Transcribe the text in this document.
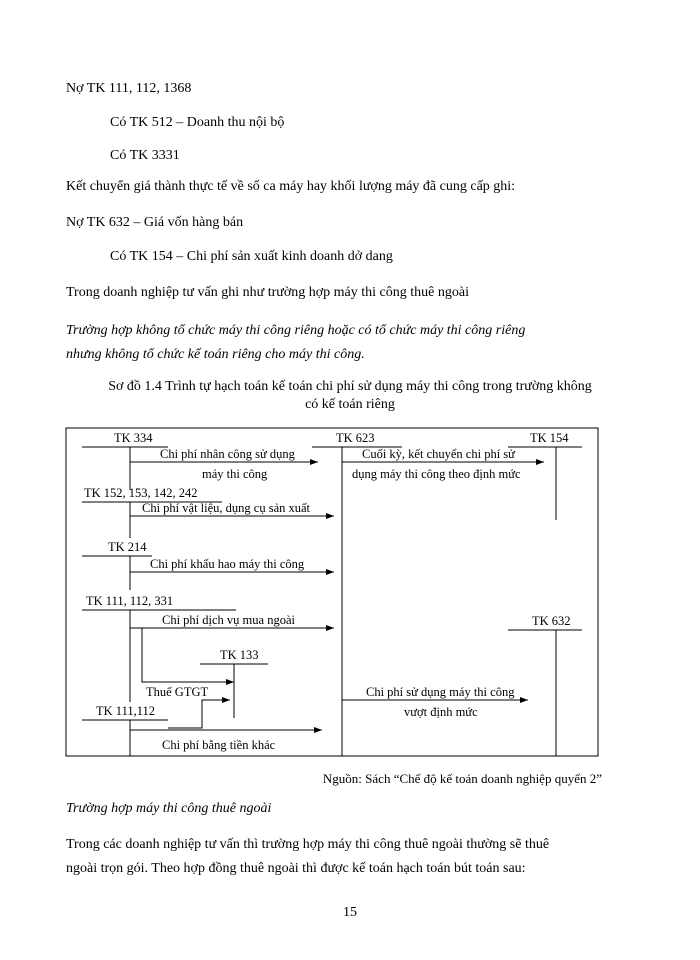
Nợ TK 111, 112, 1368

Có TK 512 – Doanh thu nội bộ

Có TK 3331

Kết chuyển giá thành thực tế về số ca máy hay khối lượng máy đã cung cấp ghi:

Nợ TK 632 – Giá vốn hàng bán

Có TK 154 – Chi phí sản xuất kinh doanh dở dang

Trong doanh nghiệp tư vấn ghi như trường hợp máy thi công thuê ngoài

Trường hợp không tổ chức máy thi công riêng hoặc có tổ chức máy thi công riêng

nhưng không tổ chức kế toán riêng cho máy thi công.

Sơ đồ 1.4 Trình tự hạch toán kế toán chi phí sử dụng máy thi công trong trường không

có kế toán riêng

TK 334	TK 623	TK 154
TK 152, 153, 142, 242
TK 214
TK 111, 112, 331
TK 632
TK 133
TK 111,112
Chi phí nhân công sử dụng
máy thi công
Cuối kỳ, kết chuyển chi phí sử
dụng máy thi công theo định mức
Chi phí vật liệu, dụng cụ sản xuất
Chi phí khấu hao máy thi công
Chi phí dịch vụ mua ngoài
Thuế GTGT	Chi phí sử dụng máy thi công
vượt định mức
Chi phí bằng tiền khác

Nguồn: Sách “Chế độ kế toán doanh nghiệp quyển 2”

Trường hợp máy thi công thuê ngoài

Trong các doanh nghiệp tư vấn thì trường hợp máy thi công thuê ngoài thường sẽ thuê

ngoài trọn gói. Theo hợp đồng thuê ngoài thì được kế toán hạch toán bút toán sau:

15
